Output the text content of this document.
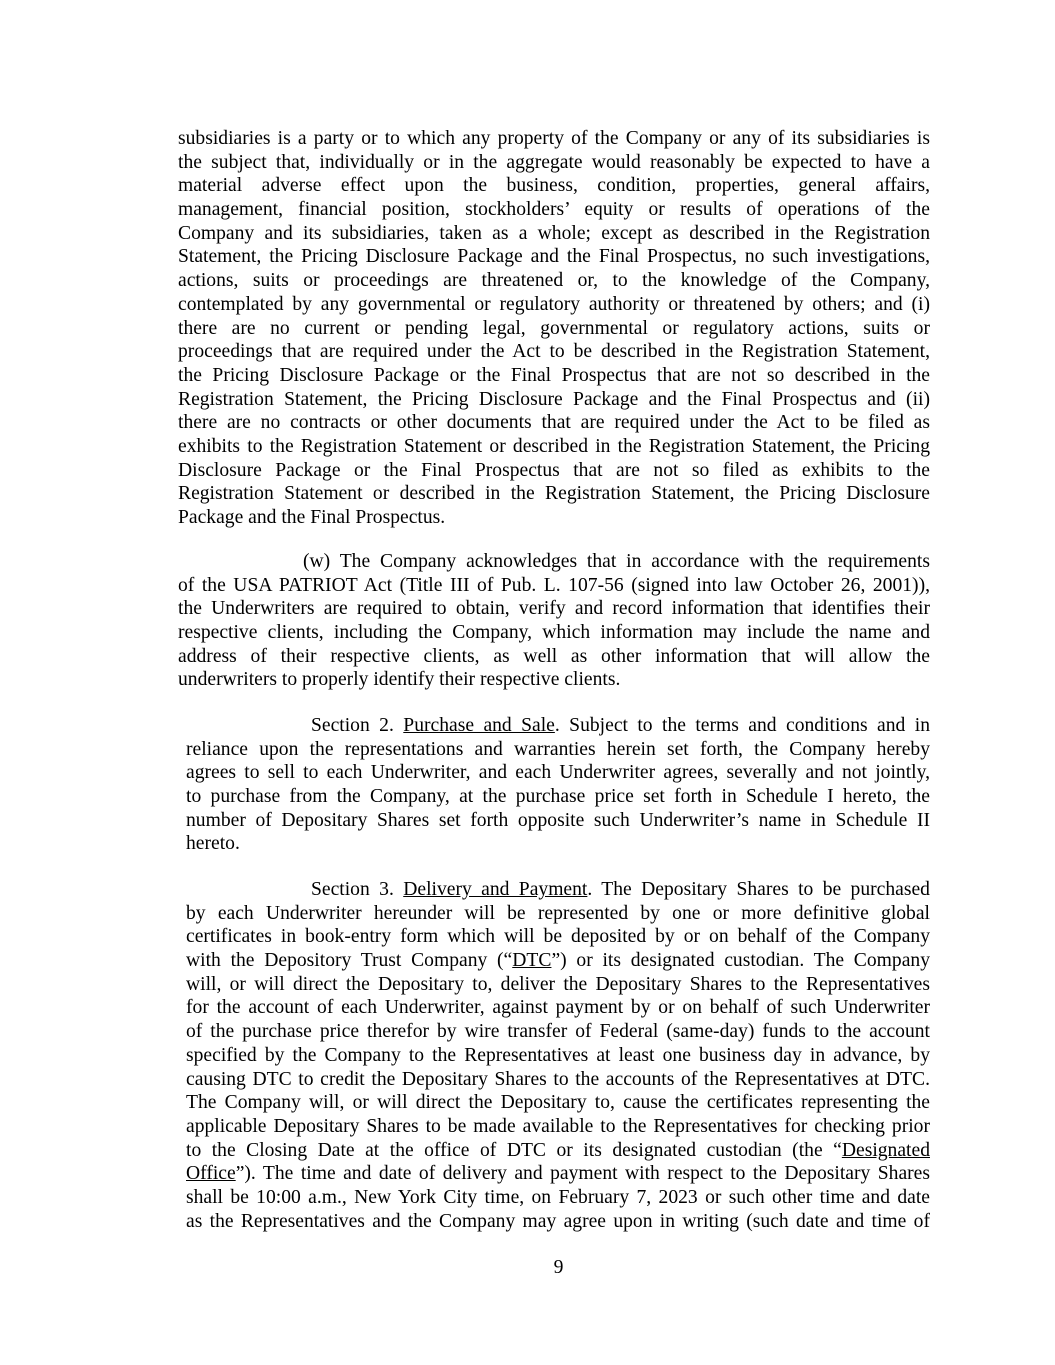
subsidiaries is a party or to which any property of the Company or any of its subsidiaries is
the subject that, individually or in the aggregate would reasonably be expected to have a
material adverse effect upon the business, condition, properties, general affairs,
management, financial position, stockholders’ equity or results of operations of the
Company and its subsidiaries, taken as a whole; except as described in the Registration
Statement, the Pricing Disclosure Package and the Final Prospectus, no such investigations,
actions, suits or proceedings are threatened or, to the knowledge of the Company,
contemplated by any governmental or regulatory authority or threatened by others; and (i)
there are no current or pending legal, governmental or regulatory actions, suits or
proceedings that are required under the Act to be described in the Registration Statement,
the Pricing Disclosure Package or the Final Prospectus that are not so described in the
Registration Statement, the Pricing Disclosure Package and the Final Prospectus and (ii)
there are no contracts or other documents that are required under the Act to be filed as
exhibits to the Registration Statement or described in the Registration Statement, the Pricing
Disclosure Package or the Final Prospectus that are not so filed as exhibits to the
Registration Statement or described in the Registration Statement, the Pricing Disclosure
Package and the Final Prospectus.
(w) The Company acknowledges that in accordance with the requirements
of the USA PATRIOT Act (Title III of Pub. L. 107-56 (signed into law October 26, 2001)),
the Underwriters are required to obtain, verify and record information that identifies their
respective clients, including the Company, which information may include the name and
address of their respective clients, as well as other information that will allow the
underwriters to properly identify their respective clients.
Section 2. Purchase and Sale. Subject to the terms and conditions and in
reliance upon the representations and warranties herein set forth, the Company hereby
agrees to sell to each Underwriter, and each Underwriter agrees, severally and not jointly,
to purchase from the Company, at the purchase price set forth in Schedule I hereto, the
number of Depositary Shares set forth opposite such Underwriter’s name in Schedule II
hereto.
Section 3. Delivery and Payment. The Depositary Shares to be purchased
by each Underwriter hereunder will be represented by one or more definitive global
certificates in book-entry form which will be deposited by or on behalf of the Company
with the Depository Trust Company (“DTC”) or its designated custodian. The Company
will, or will direct the Depositary to, deliver the Depositary Shares to the Representatives
for the account of each Underwriter, against payment by or on behalf of such Underwriter
of the purchase price therefor by wire transfer of Federal (same-day) funds to the account
specified by the Company to the Representatives at least one business day in advance, by
causing DTC to credit the Depositary Shares to the accounts of the Representatives at DTC.
The Company will, or will direct the Depositary to, cause the certificates representing the
applicable Depositary Shares to be made available to the Representatives for checking prior
to the Closing Date at the office of DTC or its designated custodian (the “Designated
Office”). The time and date of delivery and payment with respect to the Depositary Shares
shall be 10:00 a.m., New York City time, on February 7, 2023 or such other time and date
as the Representatives and the Company may agree upon in writing (such date and time of
9
